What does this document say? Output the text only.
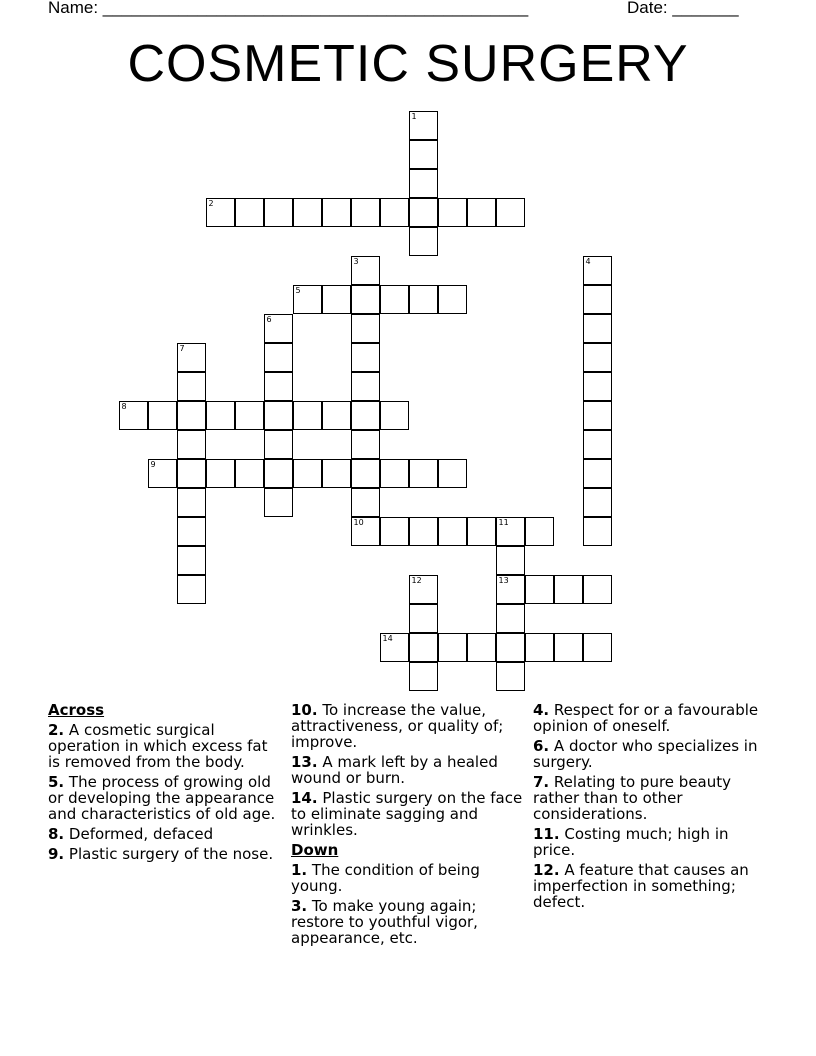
Name: _____________________________________________	Date: _______
COSMETIC SURGERY
1
2
3
10
4
5
6
7
8
9
11
13
12
14
Across
2. A cosmetic surgical operation in which excess fat is removed from the body.
5. The process of growing old or developing the appearance and characteristics of old age.
8. Deformed, defaced
9. Plastic surgery of the nose.
10. To increase the value, attractiveness, or quality of; improve.
13. A mark left by a healed wound or burn.
14. Plastic surgery on the face to eliminate sagging and wrinkles.
Down
1. The condition of being young.
3. To make young again; restore to youthful vigor, appearance, etc.
4. Respect for or a favourable opinion of oneself.
6. A doctor who specializes in surgery.
7. Relating to pure beauty rather than to other considerations.
11. Costing much; high in price.
12. A feature that causes an imperfection in something; defect.
